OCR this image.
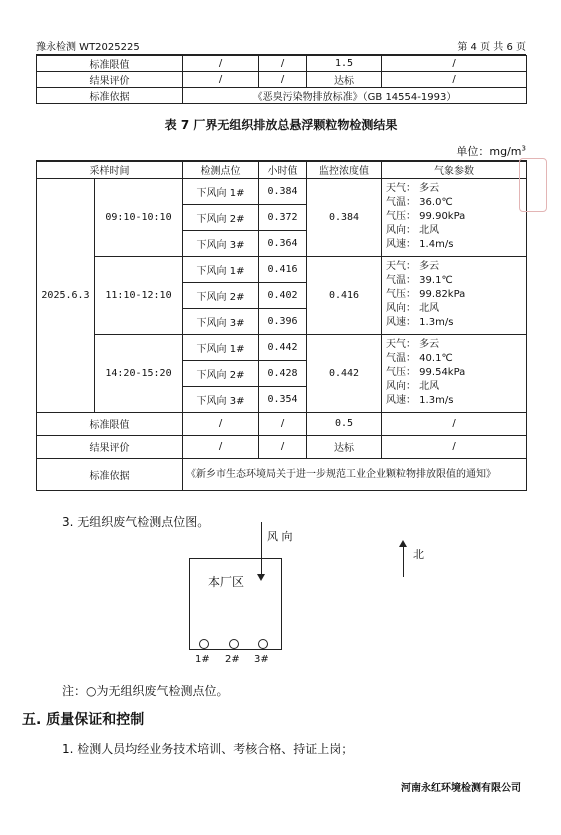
豫永检测 WT2025225	第 4 页 共 6 页
标准限值	/	/	1.5	/
结果评价	/	/	达标	/
标准依据	《恶臭污染物排放标准》（GB 14554-1993）			
表 7 厂界无组织排放总悬浮颗粒物检测结果
单位：$mg/m^3$
采样时间		检测点位	小时值	监控浓度值	气象参数
2025.6.3	09:10-10:10	下风向 1#	0.384	0.384	天气： 多云
气温： 36.0℃
气压： 99.90kPa
风向： 北风
风速： 1.4m/s

		下风向 2#	0.372		
		下风向 3#	0.364		
	11:10-12:10	下风向 1#	0.416	0.416	天气： 多云
气温： 39.1℃
气压： 99.82kPa
风向： 北风
风速： 1.3m/s

		下风向 2#	0.402		
		下风向 3#	0.396		
	14:20-15:20	下风向 1#	0.442	0.442	天气： 多云
气温： 40.1℃
气压： 99.54kPa
风向： 北风
风速： 1.3m/s

		下风向 2#	0.428		
		下风向 3#	0.354		
标准限值		/	/	0.5	/
结果评价		/	/	达标	/
标准依据		《新乡市生态环境局关于进一步规范工业企业颗粒物排放限值的通知》			
3. 无组织废气检测点位图。
风 向
本厂区
北
1# 2# 3#
注：○为无组织废气检测点位。
五. 质量保证和控制
1. 检测人员均经业务技术培训、考核合格、持证上岗；
河南永红环境检测有限公司
